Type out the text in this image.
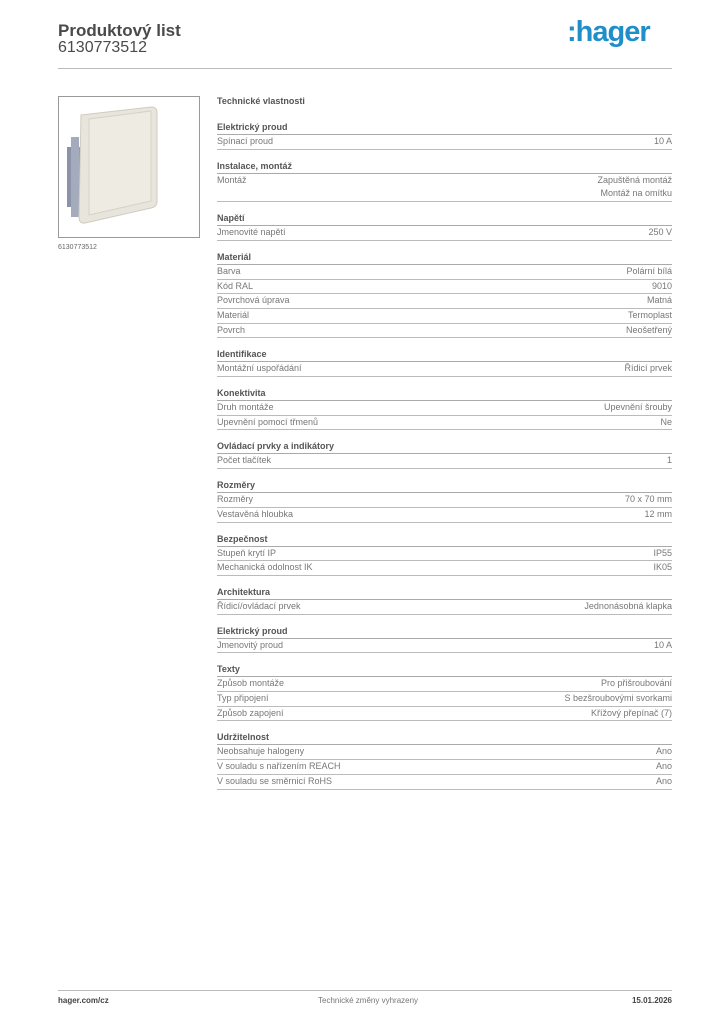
Produktový list
6130773512	:hager
6130773512
Technické vlastnosti
Elektrický proud
Spínací proud	10 A
Instalace, montáž
Montáž	Zapuštěná montáž
Montáž na omítku
Napětí
Jmenovité napětí	250 V
Materiál
Barva	Polární bílá
Kód RAL	9010
Povrchová úprava	Matná
Materiál	Termoplast
Povrch	Neošetřený
Identifikace
Montážní uspořádání	Řídicí prvek
Konektivita
Druh montáže	Upevnění šrouby
Upevnění pomocí třmenů	Ne
Ovládací prvky a indikátory
Počet tlačítek	1
Rozměry
Rozměry	70 x 70 mm
Vestavěná hloubka	12 mm
Bezpečnost
Stupeň krytí IP	IP55
Mechanická odolnost IK	IK05
Architektura
Řídicí/ovládací prvek	Jednonásobná klapka
Elektrický proud
Jmenovitý proud	10 A
Texty
Způsob montáže	Pro přišroubování
Typ připojení	S bezšroubovými svorkami
Způsob zapojení	Křížový přepínač (7)
Udržitelnost
Neobsahuje halogeny	Ano
V souladu s nařízením REACH	Ano
V souladu se směrnicí RoHS	Ano
hager.com/cz	Technické změny vyhrazeny	15.01.2026
